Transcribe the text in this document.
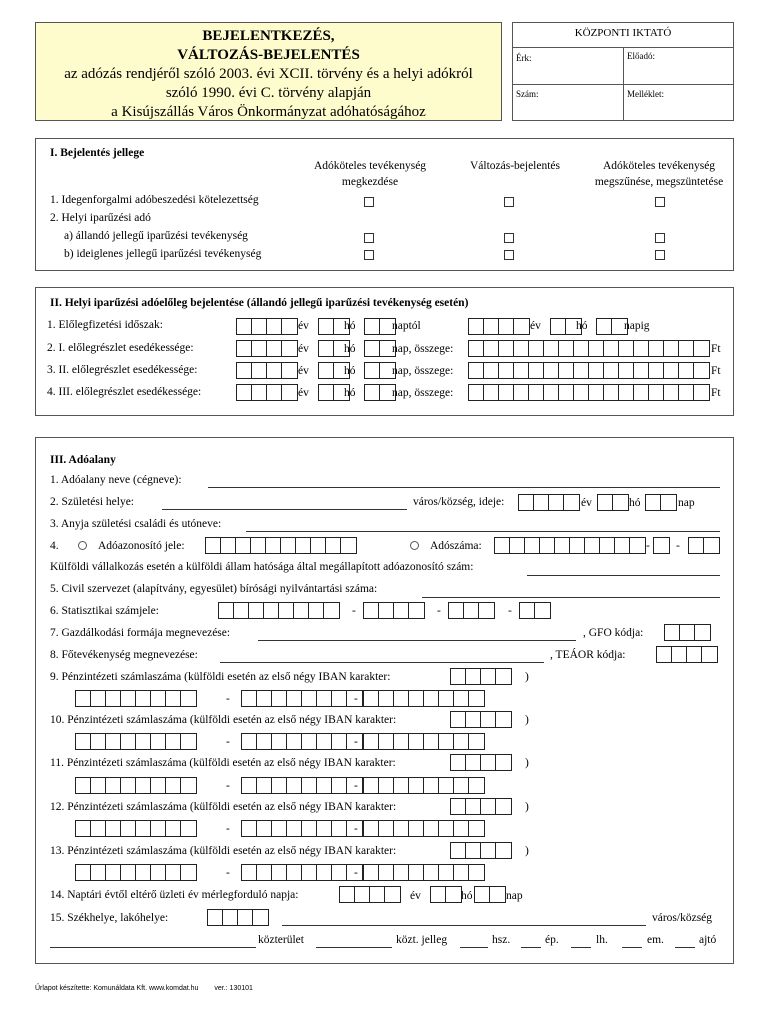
BEJELENTKEZÉS,
VÁLTOZÁS-BEJELENTÉS
az adózás rendjéről szóló 2003. évi XCII. törvény és a helyi adókról
szóló 1990. évi C. törvény alapján
a Kisújszállás Város Önkormányzat adóhatóságához
KÖZPONTI IKTATÓ
Érk:	Előadó:
Szám:	Melléklet:
I. Bejelentés jellege
Adóköteles tevékenység
megkezdése
Változás-bejelentés	Adóköteles tevékenység
megszűnése, megszüntetése
1. Idegenforgalmi adóbeszedési kötelezettség
2. Helyi iparűzési adó
a) állandó jellegű iparűzési tevékenység
b) ideiglenes jellegű iparűzési tevékenység
II. Helyi iparűzési adóelőleg bejelentése (állandó jellegű iparűzési tevékenység esetén)
1. Előlegfizetési időszak:	év	hó	naptól	év	hó	napig
2. I. előlegrészlet esedékessége:	év	hó	nap, összege:	Ft
3. II. előlegrészlet esedékessége:	év	hó	nap, összege:	Ft
4. III. előlegrészlet esedékessége:	év	hó	nap, összege:	Ft
III. Adóalany
1. Adóalany neve (cégneve):
2. Születési helye:	város/község, ideje:	év	hó	nap
3. Anyja születési családi és utóneve:
4.	Adóazonosító jele:	Adószáma:	- -
Külföldi vállalkozás esetén a külföldi állam hatósága által megállapított adóazonosító szám:
5. Civil szervezet (alapítvány, egyesület) bírósági nyilvántartási száma:
6. Statisztikai számjele:	-	-	-
7. Gazdálkodási formája megnevezése:	, GFO kódja:
8. Főtevékenység megnevezése:	, TEÁOR kódja:
9. Pénzintézeti számlaszáma (külföldi esetén az első négy IBAN karakter:	)
-	-
10. Pénzintézeti számlaszáma (külföldi esetén az első négy IBAN karakter:	)
-	-
11. Pénzintézeti számlaszáma (külföldi esetén az első négy IBAN karakter:	)
-	-
12. Pénzintézeti számlaszáma (külföldi esetén az első négy IBAN karakter:	)
-	-
13. Pénzintézeti számlaszáma (külföldi esetén az első négy IBAN karakter:	)
-	-
14. Naptári évtől eltérő üzleti év mérlegforduló napja:	év	hó	nap
15. Székhelye, lakóhelye:	város/község
közterület	közt. jelleg	hsz.	ép.	lh.	em.	ajtó
Űrlapot készítette: Komunáldata Kft. www.komdat.hu ver.: 130101
